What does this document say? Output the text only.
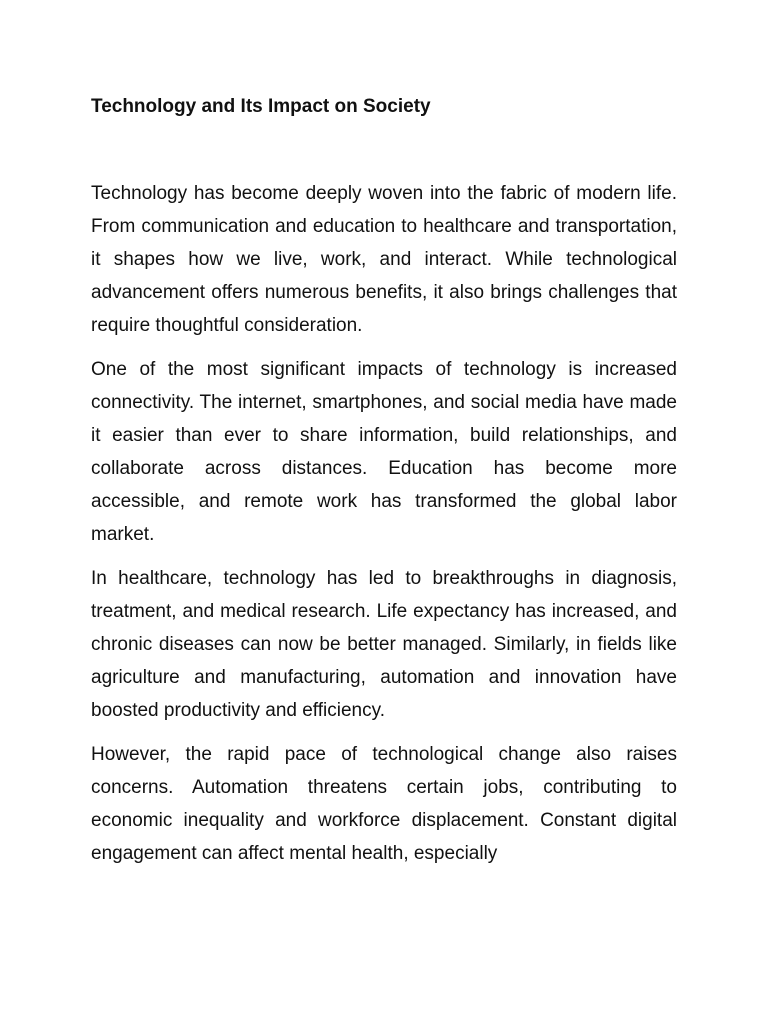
Technology and Its Impact on Society

Technology has become deeply woven into the fabric of modern life. From communication and education to healthcare and transportation, it shapes how we live, work, and interact. While technological advancement offers numerous benefits, it also brings challenges that require thoughtful consideration.

One of the most significant impacts of technology is increased connectivity. The internet, smartphones, and social media have made it easier than ever to share information, build relationships, and collaborate across distances. Education has become more accessible, and remote work has transformed the global labor market.

In healthcare, technology has led to breakthroughs in diagnosis, treatment, and medical research. Life expectancy has increased, and chronic diseases can now be better managed. Similarly, in fields like agriculture and manufacturing, automation and innovation have boosted productivity and efficiency.

However, the rapid pace of technological change also raises concerns. Automation threatens certain jobs, contributing to economic inequality and workforce displacement. Constant digital engagement can affect mental health, especially
